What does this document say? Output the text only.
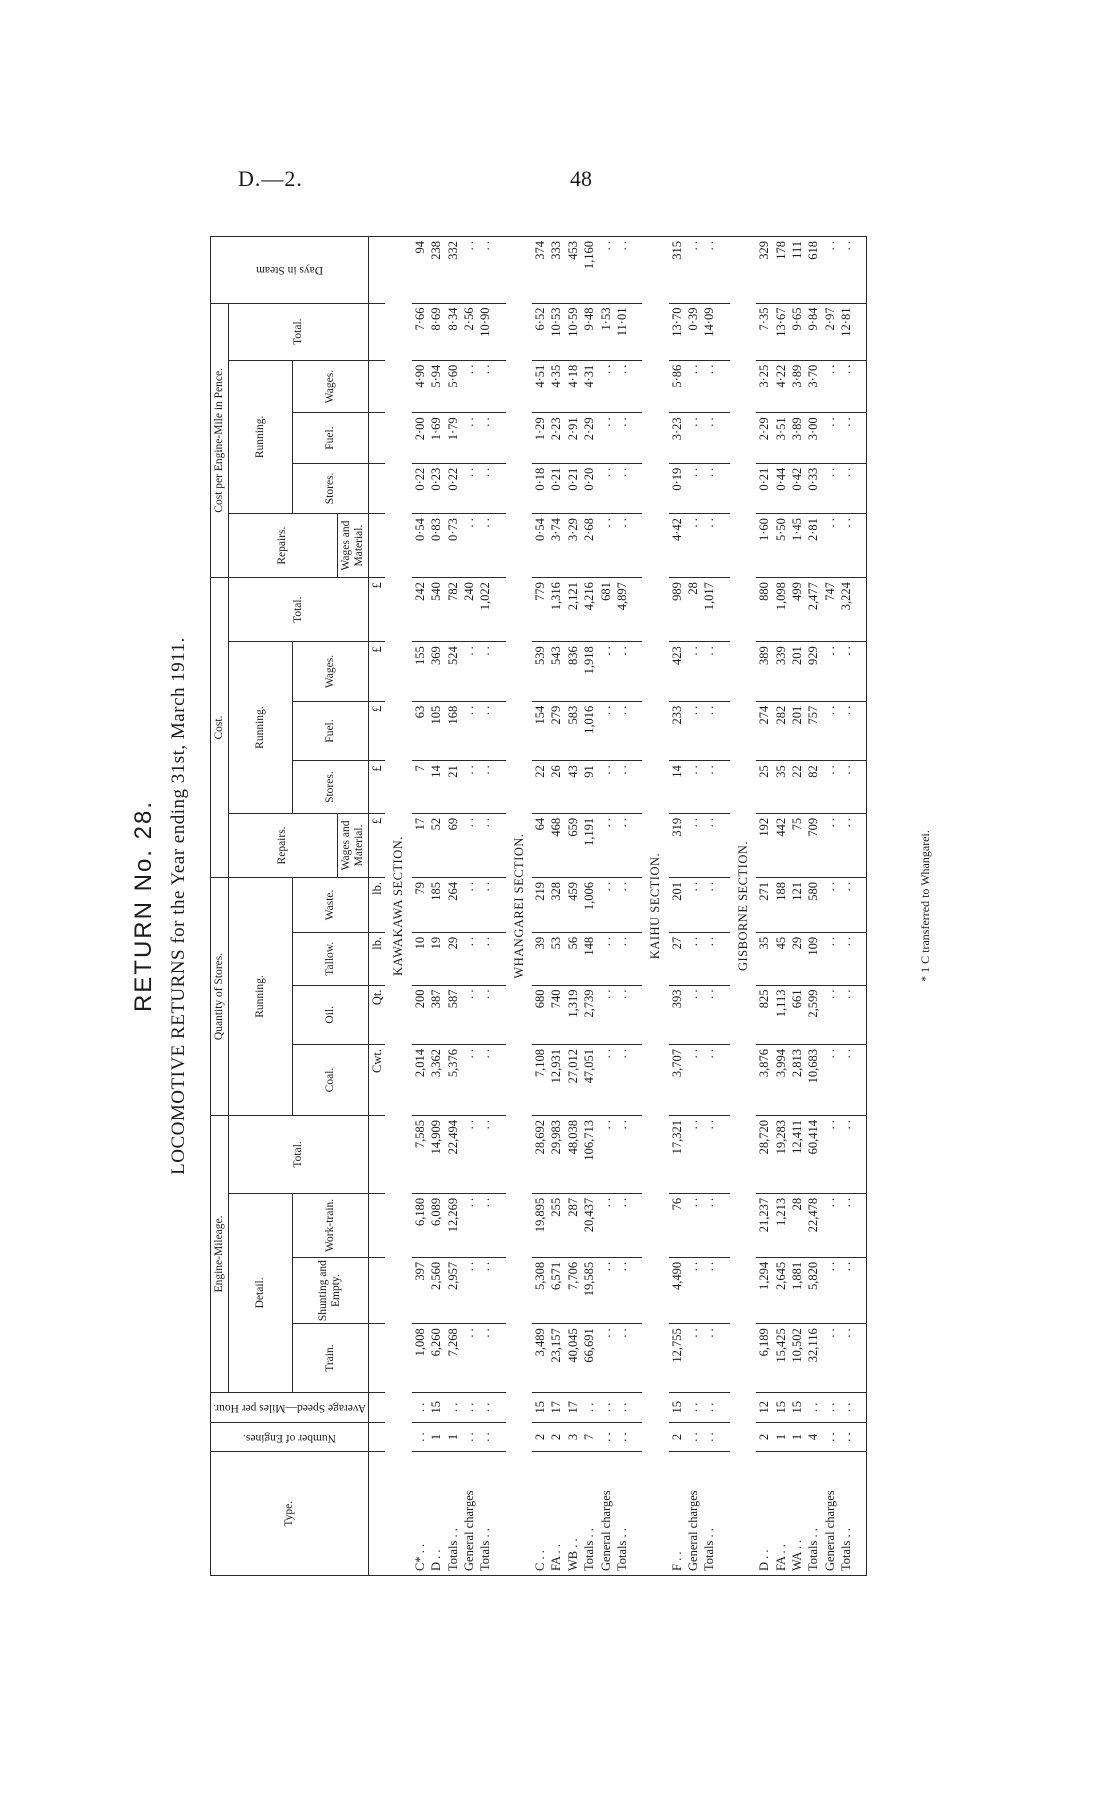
D.—2.	48
RETURN No. 28. LOCOMOTIVE RETURNS for the Year ending 31st, March 1911.
Type.	Number of Engines.	Average Speed—Miles per Hour.	Engine-Mileage.				Quantity of Stores.				Cost.					Cost per Engine-Mile in Pence.					Days in Steam

			Detail.			Total.	Running.				Repairs.	Running.			Total.	Repairs.	Running.			Total.	
			Train.	Shunting and Empty.	Work-train.		Coal.	Oil.	Tallow.	Waste.		Stores.	Fuel.	Wages.			Stores.	Fuel.	Wages.		
											Wages and Material.					Wages and Material.					
							Cwt.	Qt.	lb.	lb.	£	£	£	£	£						
KAWAKAWA SECTION.																					
C* . .	. .	. .	1,008	397	6,180	7,585	2,014	200	10	79	17	7	63	155	242	0·54	0·22	2·00	4·90	7·66	94
D . .	1	15	6,260	2,560	6,089	14,909	3,362	387	19	185	52	14	105	369	540	0·83	0·23	1·69	5·94	8·69	238
Totals . .	1	. .	7,268	2,957	12,269	22,494	5,376	587	29	264	69	21	168	524	782	0·73	0·22	1·79	5·60	8·34	332
General charges	. .	. .	. .	. .	. .	. .	. .	. .	. .	. .	. .	. .	. .	. .	240	. .	. .	. .	. .	2·56	. .
Totals . .	. .	. .	. .	. .	. .	. .	. .	. .	. .	. .	. .	. .	. .	. .	1,022	. .	. .	. .	. .	10·90	. .

WHANGAREI SECTION.																					
C . .	2	15	3,489	5,308	19,895	28,692	7,108	680	39	219	64	22	154	539	779	0·54	0·18	1·29	4·51	6·52	374
FA . .	2	17	23,157	6,571	255	29,983	12,931	740	53	328	468	26	279	543	1,316	3·74	0·21	2·23	4·35	10·53	333
WB . .	3	17	40,045	7,706	287	48,038	27,012	1,319	56	459	659	43	583	836	2,121	3·29	0·21	2·91	4·18	10·59	453
Totals . .	7	. .	66,691	19,585	20,437	106,713	47,051	2,739	148	1,006	1,191	91	1,016	1,918	4,216	2·68	0·20	2·29	4·31	9·48	1,160
General charges	. .	. .	. .	. .	. .	. .	. .	. .	. .	. .	. .	. .	. .	. .	681	. .	. .	. .	. .	1·53	. .
Totals . .	. .	. .	. .	. .	. .	. .	. .	. .	. .	. .	. .	. .	. .	. .	4,897	. .	. .	. .	. .	11·01	. .

KAIHU SECTION.																					
F . .	2	15	12,755	4,490	76	17,321	3,707	393	27	201	319	14	233	423	989	4·42	0·19	3·23	5·86	13·70	315
General charges	. .	. .	. .	. .	. .	. .	. .	. .	. .	. .	. .	. .	. .	. .	28	. .	. .	. .	. .	0·39	. .
Totals . .	. .	. .	. .	. .	. .	. .	. .	. .	. .	. .	. .	. .	. .	. .	1,017	. .	. .	. .	. .	14·09	. .

GISBORNE SECTION.																					
D . .	2	12	6,189	1,294	21,237	28,720	3,876	825	35	271	192	25	274	389	880	1·60	0·21	2·29	3·25	7·35	329
FA . .	1	15	15,425	2,645	1,213	19,283	3,994	1,113	45	188	442	35	282	339	1,098	5·50	0·44	3·51	4·22	13·67	178
WA . .	1	15	10,502	1,881	28	12,411	2,813	661	29	121	75	22	201	201	499	1·45	0·42	3·89	3·89	9·65	111
Totals . .	4	. .	32,116	5,820	22,478	60,414	10,683	2,599	109	580	709	82	757	929	2,477	2·81	0·33	3·00	3·70	9·84	618
General charges	. .	. .	. .	. .	. .	. .	. .	. .	. .	. .	. .	. .	. .	. .	747	. .	. .	. .	. .	2·97	. .
Totals . .	. .	. .	. .	. .	. .	. .	. .	. .	. .	. .	. .	. .	. .	. .	3,224	. .	. .	. .	. .	12·81	. .

* 1 C transferred to Whangarei.
